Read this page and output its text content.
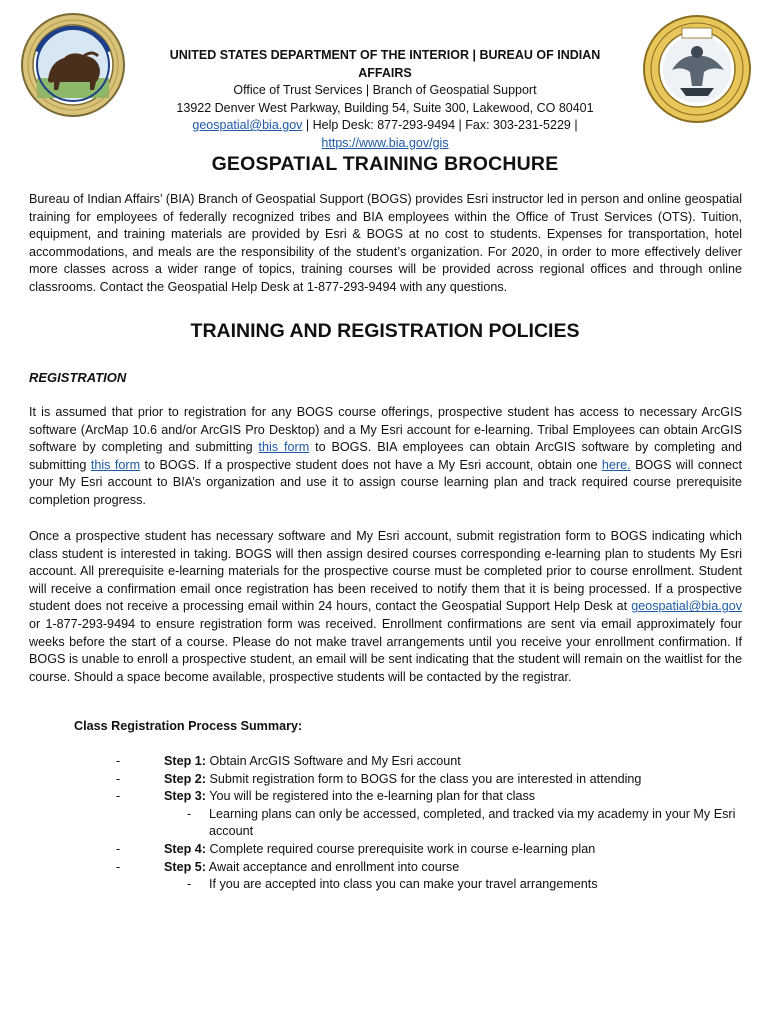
UNITED STATES DEPARTMENT OF THE INTERIOR | BUREAU OF INDIAN AFFAIRS
Office of Trust Services | Branch of Geospatial Support
13922 Denver West Parkway, Building 54, Suite 300, Lakewood, CO 80401
geospatial@bia.gov | Help Desk: 877-293-9494 | Fax: 303-231-5229 |
https://www.bia.gov/gis
GEOSPATIAL TRAINING BROCHURE
Bureau of Indian Affairs’ (BIA) Branch of Geospatial Support (BOGS) provides Esri instructor led in person and online geospatial training for employees of federally recognized tribes and BIA employees within the Office of Trust Services (OTS). Tuition, equipment, and training materials are provided by Esri & BOGS at no cost to students. Expenses for transportation, hotel accommodations, and meals are the responsibility of the student’s organization. For 2020, in order to more effectively deliver more classes across a wider range of topics, training courses will be provided across regional offices and through online classrooms. Contact the Geospatial Help Desk at 1-877-293-9494 with any questions.
TRAINING AND REGISTRATION POLICIES
REGISTRATION
It is assumed that prior to registration for any BOGS course offerings, prospective student has access to necessary ArcGIS software (ArcMap 10.6 and/or ArcGIS Pro Desktop) and a My Esri account for e-learning. Tribal Employees can obtain ArcGIS software by completing and submitting this form to BOGS. BIA employees can obtain ArcGIS software by completing and submitting this form to BOGS. If a prospective student does not have a My Esri account, obtain one here. BOGS will connect your My Esri account to BIA’s organization and use it to assign course learning plan and track required course prerequisite completion progress.
Once a prospective student has necessary software and My Esri account, submit registration form to BOGS indicating which class student is interested in taking. BOGS will then assign desired courses corresponding e-learning plan to students My Esri account. All prerequisite e-learning materials for the prospective course must be completed prior to course enrollment. Student will receive a confirmation email once registration has been received to notify them that it is being processed. If a prospective student does not receive a processing email within 24 hours, contact the Geospatial Support Help Desk at geospatial@bia.gov or 1-877-293-9494 to ensure registration form was received. Enrollment confirmations are sent via email approximately four weeks before the start of a course. Please do not make travel arrangements until you receive your enrollment confirmation. If BOGS is unable to enroll a prospective student, an email will be sent indicating that the student will remain on the waitlist for the course. Should a space become available, prospective students will be contacted by the registrar.
Class Registration Process Summary:
-	Step 1: Obtain ArcGIS Software and My Esri account
-	Step 2: Submit registration form to BOGS for the class you are interested in attending
-	Step 3: You will be registered into the e-learning plan for that class
- Learning plans can only be accessed, completed, and tracked via my academy in your My Esri account
-	Step 4: Complete required course prerequisite work in course e-learning plan
-	Step 5: Await acceptance and enrollment into course
- If you are accepted into class you can make your travel arrangements
